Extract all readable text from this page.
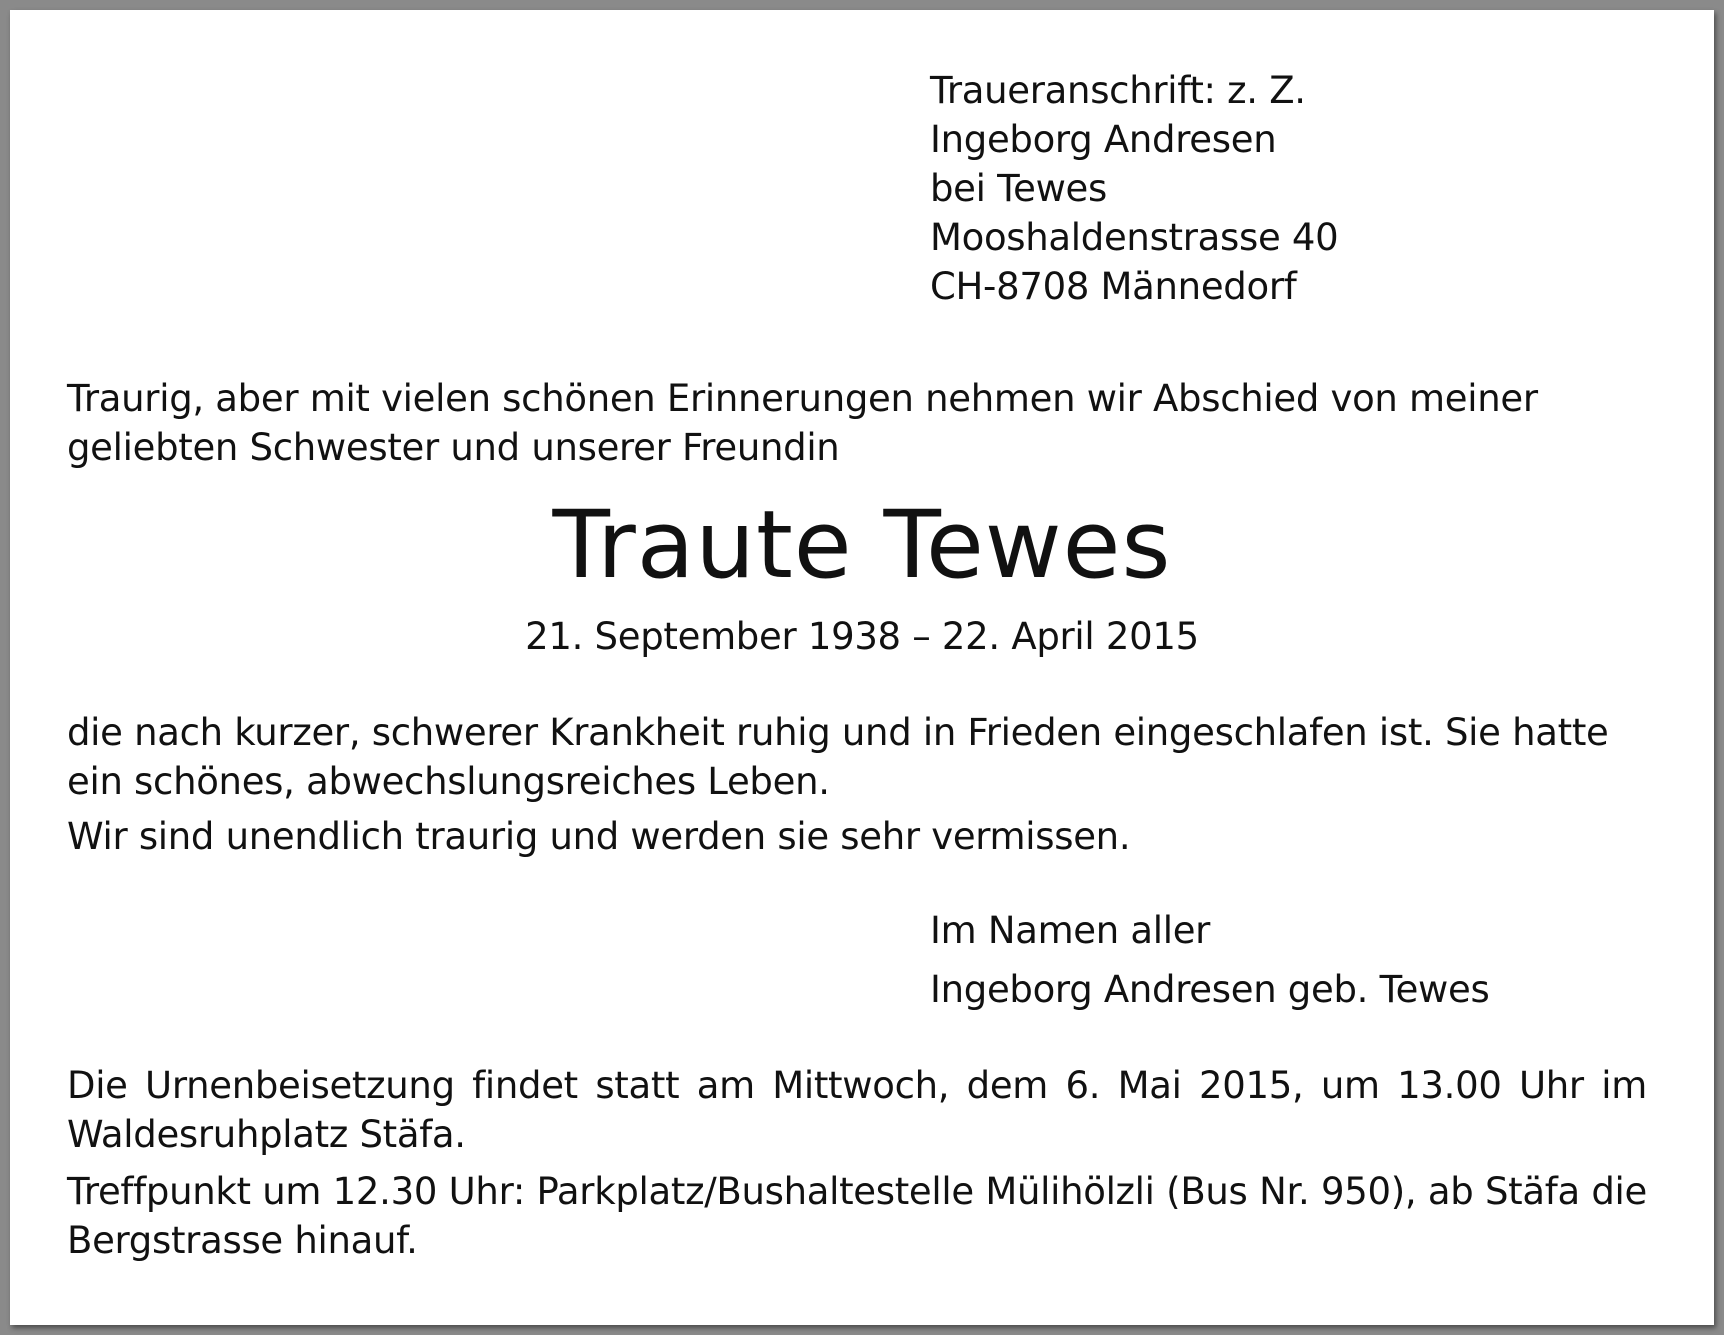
Traueranschrift: z. Z.
Ingeborg Andresen
bei Tewes
Mooshaldenstrasse 40
CH-8708 Männedorf

Traurig, aber mit vielen schönen Erinnerungen nehmen wir Abschied von meiner geliebten Schwester und unserer Freundin

Traute Tewes

21. September 1938 – 22. April 2015

die nach kurzer, schwerer Krankheit ruhig und in Frieden eingeschlafen ist. Sie hatte ein schönes, abwechslungsreiches Leben.

Wir sind unendlich traurig und werden sie sehr vermissen.

Im Namen aller

Ingeborg Andresen geb. Tewes

Die Urnenbeisetzung findet statt am Mittwoch, dem 6. Mai 2015, um 13.00 Uhr im Waldesruhplatz Stäfa.

Treffpunkt um 12.30 Uhr: Parkplatz/Bushaltestelle Mülihölzli (Bus Nr. 950), ab Stäfa die Bergstrasse hinauf.
